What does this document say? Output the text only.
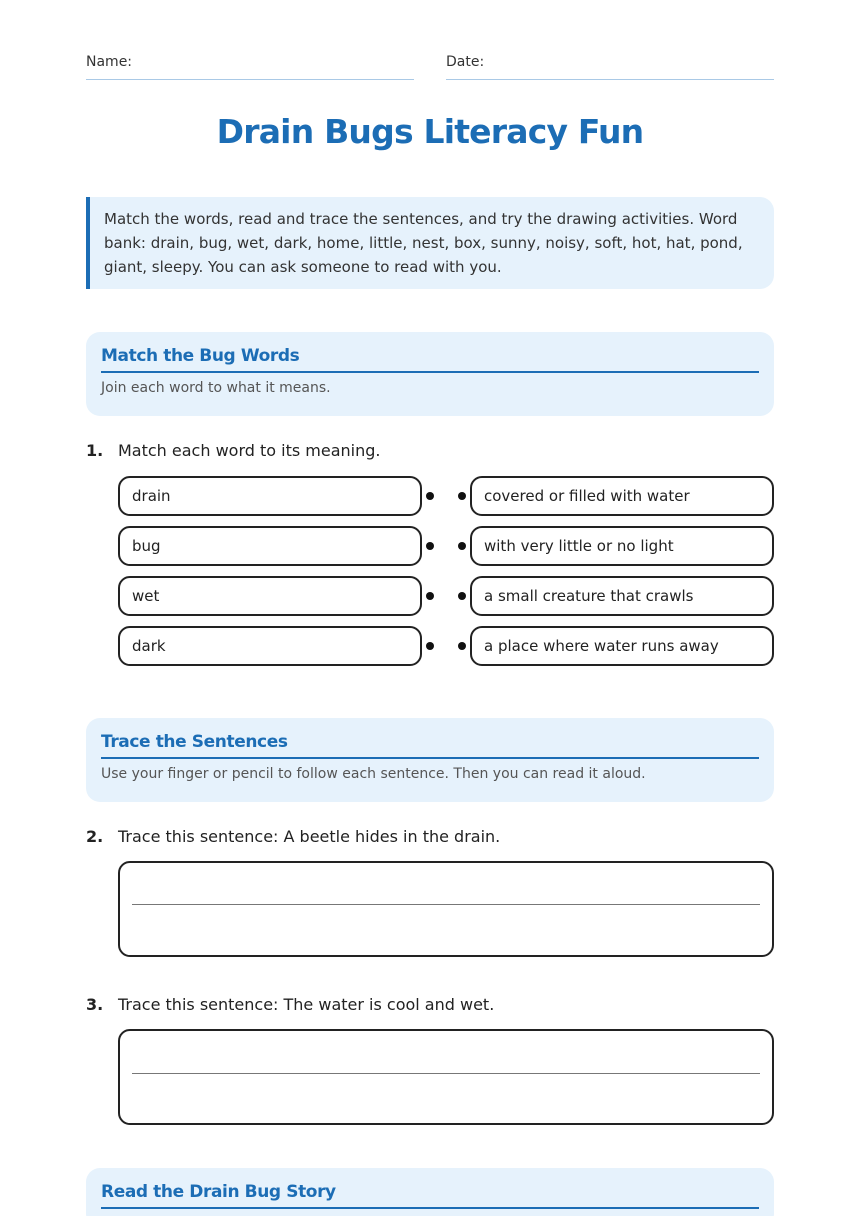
Name:	Date:
Drain Bugs Literacy Fun
Match the words, read and trace the sentences, and try the drawing activities. Word bank: drain, bug, wet, dark, home, little, nest, box, sunny, noisy, soft, hot, hat, pond, giant, sleepy. You can ask someone to read with you.
Match the Bug Words
Join each word to what it means.
1. Match each word to its meaning.
drain
bug
wet
dark
covered or filled with water
with very little or no light
a small creature that crawls
a place where water runs away
Trace the Sentences
Use your finger or pencil to follow each sentence. Then you can read it aloud.
2. Trace this sentence: A beetle hides in the drain.
3. Trace this sentence: The water is cool and wet.
Read the Drain Bug Story
